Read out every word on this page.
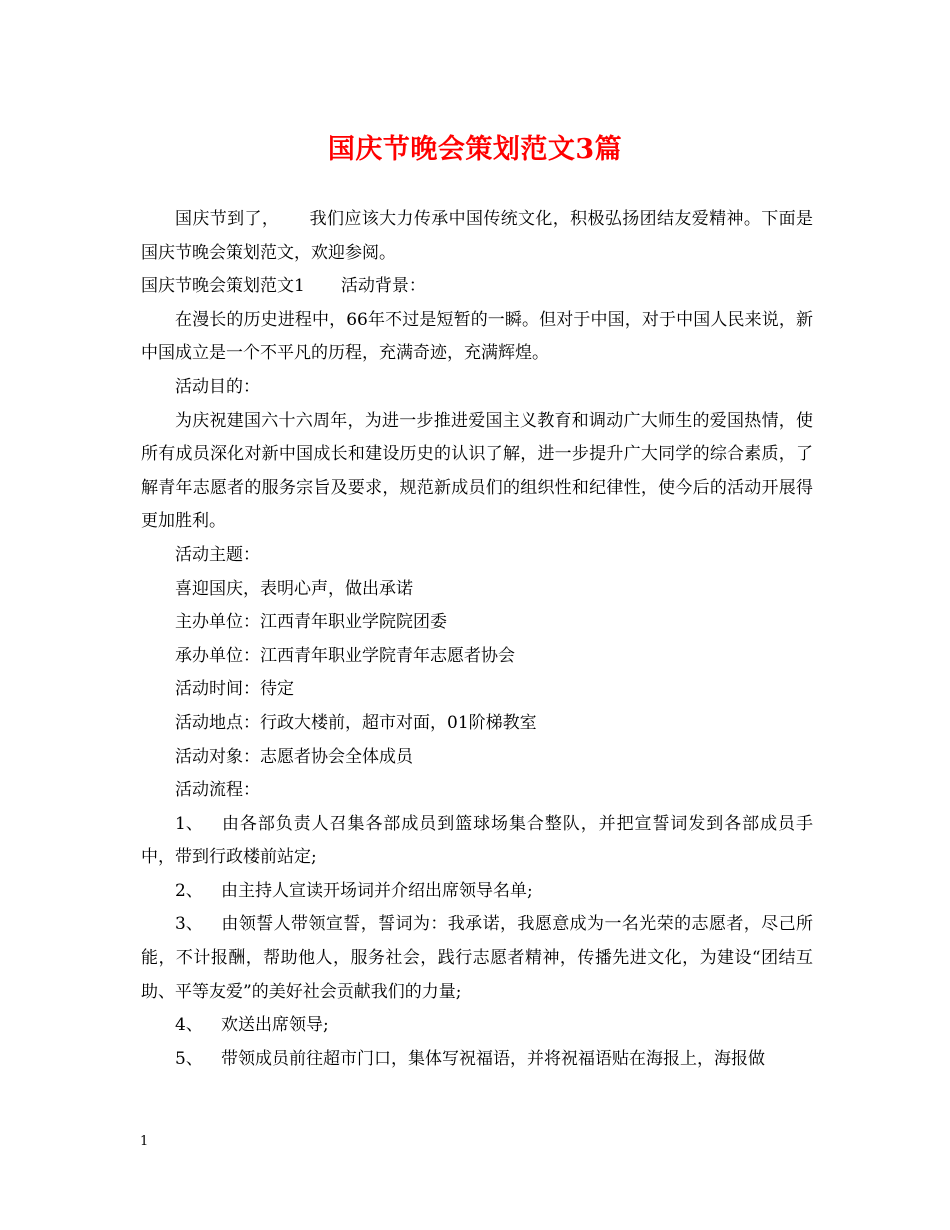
国庆节晚会策划范文3篇

国庆节到了， 我们应该大力传承中国传统文化，积极弘扬团结友爱精神。下面是国庆节晚会策划范文，欢迎参阅。

国庆节晚会策划范文1 活动背景：

在漫长的历史进程中，66年不过是短暂的一瞬。但对于中国，对于中国人民来说，新中国成立是一个不平凡的历程，充满奇迹，充满辉煌。

活动目的：

为庆祝建国六十六周年，为进一步推进爱国主义教育和调动广大师生的爱国热情，使所有成员深化对新中国成长和建设历史的认识了解，进一步提升广大同学的综合素质，了解青年志愿者的服务宗旨及要求，规范新成员们的组织性和纪律性，使今后的活动开展得更加胜利。

活动主题：

喜迎国庆，表明心声，做出承诺

主办单位：江西青年职业学院院团委

承办单位：江西青年职业学院青年志愿者协会

活动时间：待定

活动地点：行政大楼前，超市对面，01阶梯教室

活动对象：志愿者协会全体成员

活动流程：

1、 由各部负责人召集各部成员到篮球场集合整队，并把宣誓词发到各部成员手中，带到行政楼前站定;

2、 由主持人宣读开场词并介绍出席领导名单;

3、 由领誓人带领宣誓，誓词为：我承诺，我愿意成为一名光荣的志愿者，尽己所能，不计报酬，帮助他人，服务社会，践行志愿者精神，传播先进文化，为建设“团结互助、平等友爱”的美好社会贡献我们的力量;

4、 欢送出席领导;

5、 带领成员前往超市门口，集体写祝福语，并将祝福语贴在海报上，海报做

1
